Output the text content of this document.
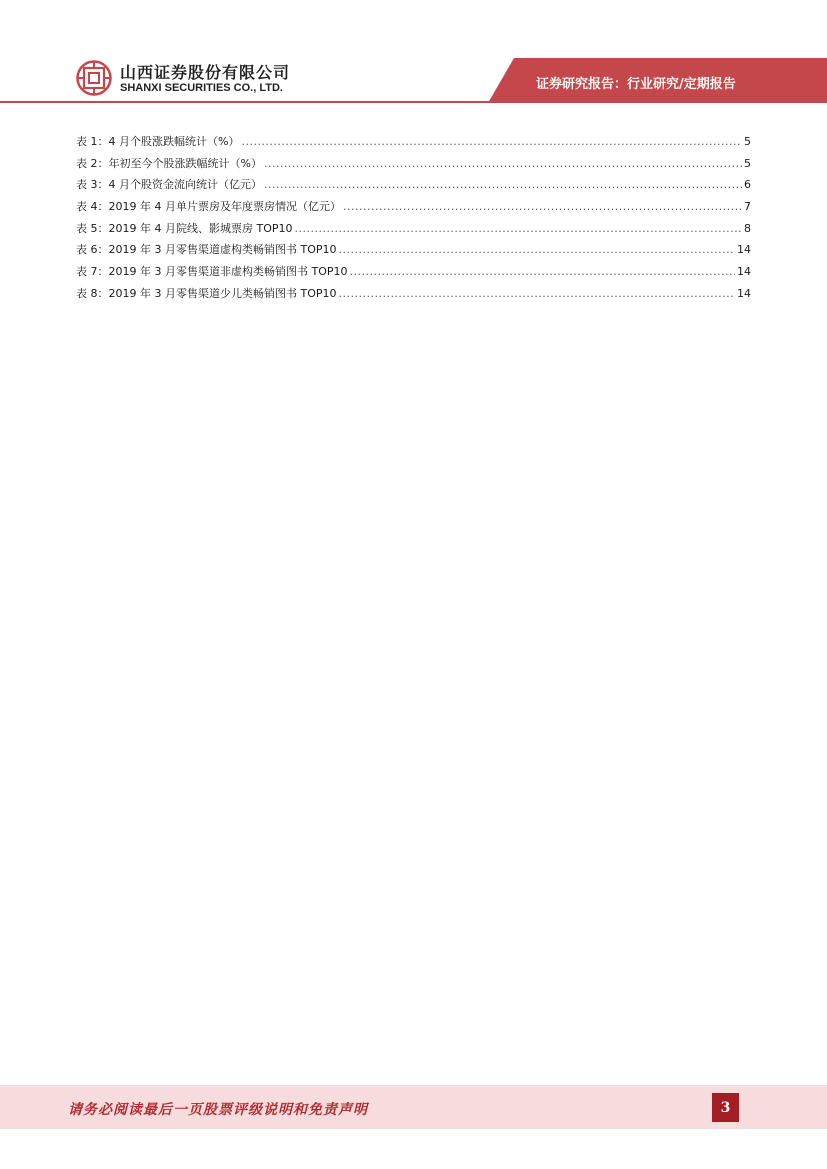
山西证券股份有限公司
SHANXI SECURITIES CO., LTD.	证券研究报告：行业研究/定期报告
表 1：4 月个股涨跌幅统计（%） .....	5
表 2：年初至今个股涨跌幅统计（%） .....	5
表 3：4 月个股资金流向统计（亿元） .....	6
表 4：2019 年 4 月单片票房及年度票房情况（亿元） .....	7
表 5：2019 年 4 月院线、影城票房 TOP10 .....	8
表 6：2019 年 3 月零售渠道虚构类畅销图书 TOP10 .....	14
表 7：2019 年 3 月零售渠道非虚构类畅销图书 TOP10 .....	14
表 8：2019 年 3 月零售渠道少儿类畅销图书 TOP10 .....	14
请务必阅读最后一页股票评级说明和免责声明	3
